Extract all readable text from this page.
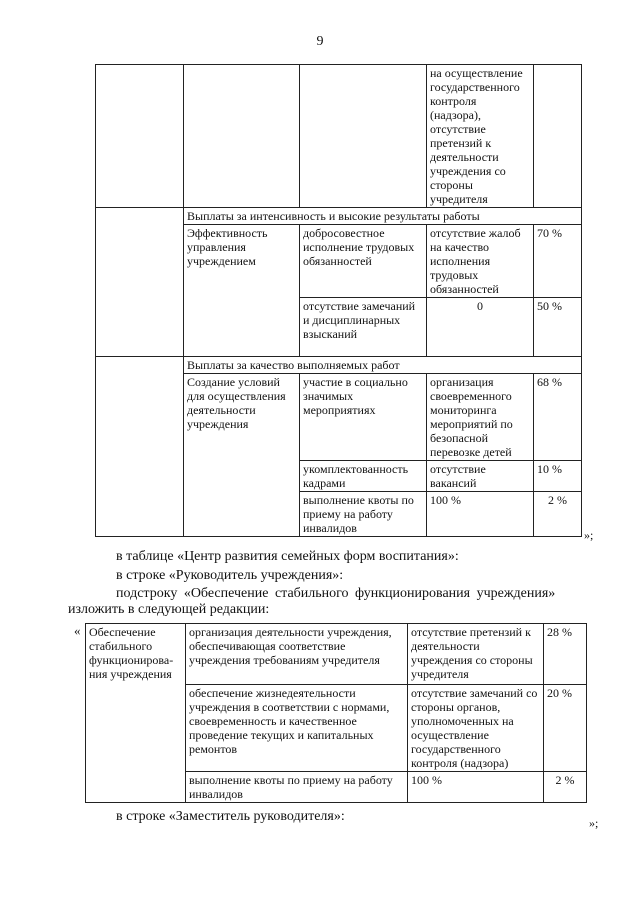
9
			на осуществление государственного контроля (надзора), отсутствие претензий к деятельности учреждения со стороны учредителя	
	Выплаты за интенсивность и высокие результаты работы			
	Эффективность управления учреждением	добросовестное исполнение трудовых обязанностей	отсутствие жалоб на качество исполнения трудовых обязанностей	70 %
		отсутствие замечаний и дисциплинарных взысканий	0	50 %
	Выплаты за качество выполняемых работ			
	Создание условий для осуществления деятельности учреждения	участие в социально значимых мероприятиях	организация своевременного мониторинга мероприятий по безопасной перевозке детей	68 %
		укомплектованность кадрами	отсутствие вакансий	10 %
		выполнение квоты по приему на работу инвалидов	100 %	2 %
»;
в таблице «Центр развития семейных форм воспитания»:
в строке «Руководитель учреждения»:
подстроку «Обеспечение стабильного функционирования учреждения»
изложить в следующей редакции:
« Обеспечение стабильного функционирова-ния учреждения	организация деятельности учреждения, обеспечивающая соответствие учреждения требованиям учредителя	отсутствие претензий к деятельности учреждения со стороны учредителя	28 %
	обеспечение жизнедеятельности учреждения в соответствии с нормами, своевременность и качественное проведение текущих и капитальных ремонтов	отсутствие замечаний со стороны органов, уполномоченных на осуществление государственного контроля (надзора)	20 %
	выполнение квоты по приему на работу инвалидов	100 %	2 %
»;
в строке «Заместитель руководителя»:
